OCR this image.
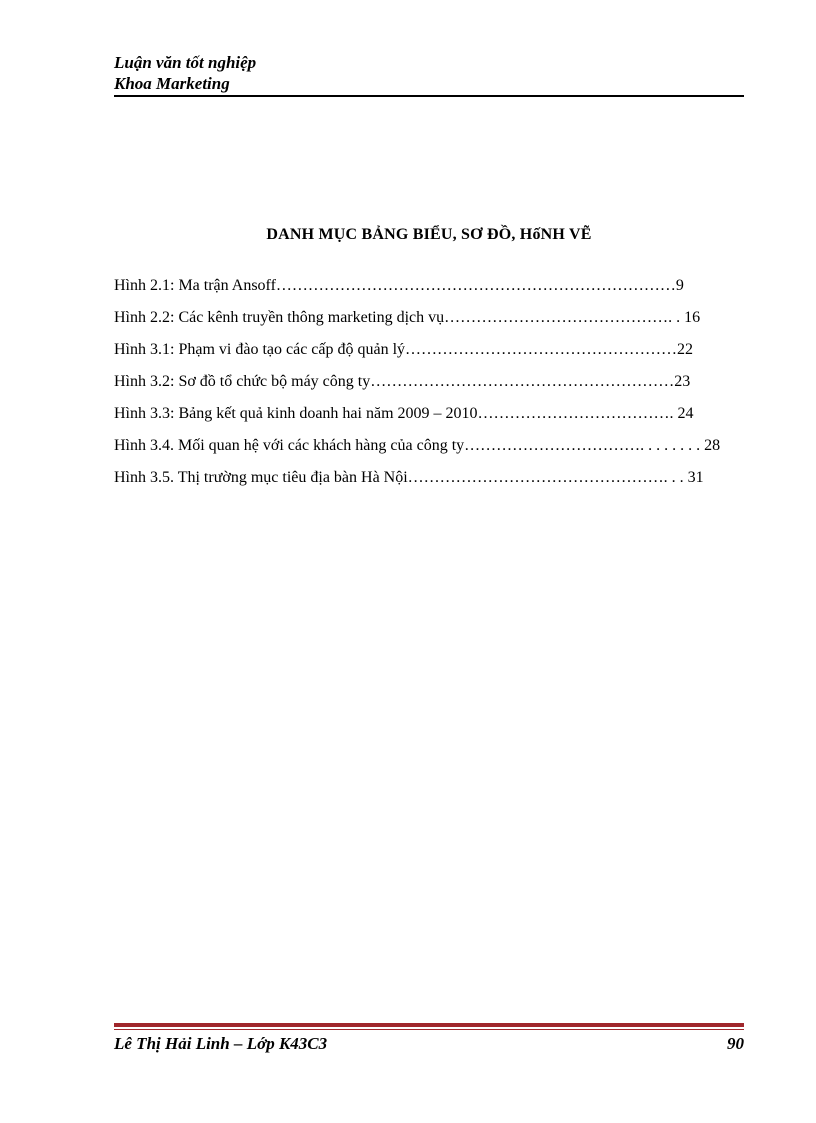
Luận văn tốt nghiệp
Khoa Marketing
DANH MỤC BẢNG BIỂU, SƠ ĐỒ, HốNH VẼ
Hình 2.1: Ma trận Ansoff…………………………………………………………………9
Hình 2.2: Các kênh truyền thông marketing dịch vụ……………………………………. . 16
Hình 3.1: Phạm vi đào tạo các cấp độ quản lý……………………………………………22
Hình 3.2: Sơ đồ tổ chức bộ máy công ty…………………………………………………23
Hình 3.3: Bảng kết quả kinh doanh hai năm 2009 – 2010………………………………. 24
Hình 3.4. Mối quan hệ với các khách hàng của công ty……………………………. . . . . . . . 28
Hình 3.5. Thị trường mục tiêu địa bàn Hà Nội…………………………………………. . . 31
Lê Thị Hải Linh – Lớp K43C3	90
